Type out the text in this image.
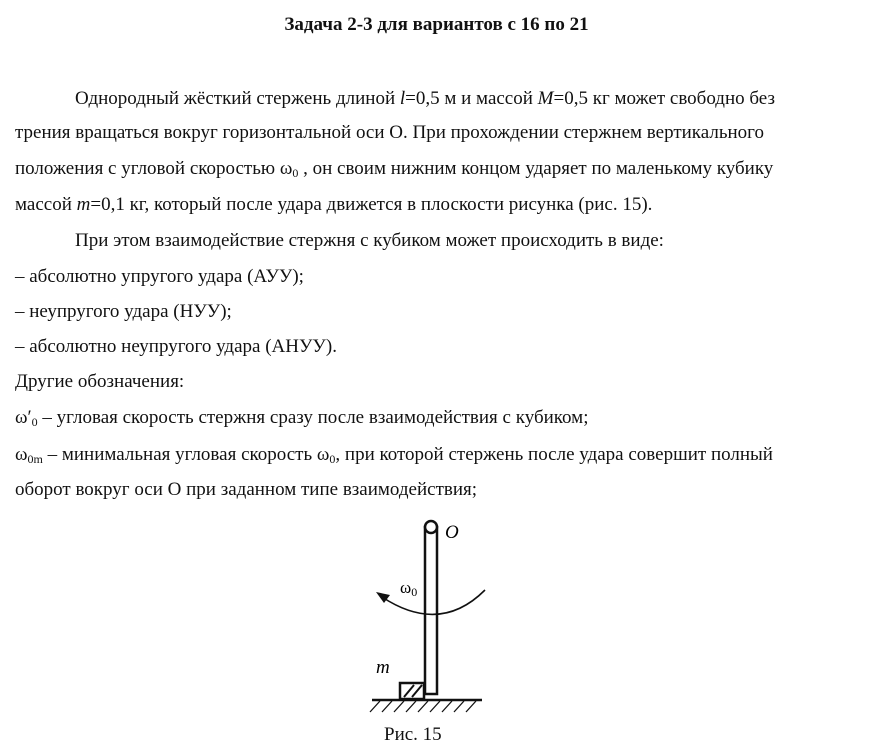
Задача 2-3 для вариантов с 16 по 21
Однородный жёсткий стержень длиной l=0,5 м и массой M=0,5 кг может свободно без
трения вращаться вокруг горизонтальной оси О. При прохождении стержнем вертикального
положения с угловой скоростью $\omega_0$ , он своим нижним концом ударяет по маленькому кубику
массой m=0,1 кг, который после удара движется в плоскости рисунка (рис. 15).
При этом взаимодействие стержня с кубиком может происходить в виде:
– абсолютно упругого удара (АУУ);
– неупругого удара (НУУ);
– абсолютно неупругого удара (АНУУ).
Другие обозначения:
$\omega'_0$ – угловая скорость стержня сразу после взаимодействия с кубиком;
$\omega_{0m}$ – минимальная угловая скорость $\omega_0$, при которой стержень после удара совершит полный
оборот вокруг оси О при заданном типе взаимодействия;
O
ω0
m
Рис. 15
